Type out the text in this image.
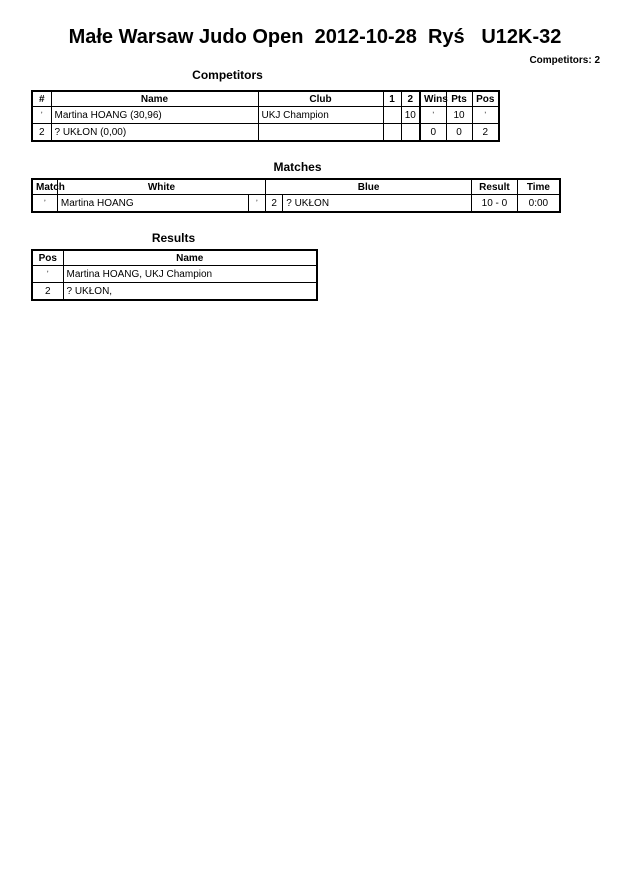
Małe Warsaw Judo Open  2012-10-28  Ryś   U12K-32
Competitors: 2
Competitors
#	Name	Club	1	2	Wins	Pts	Pos
ʼ	Martina HOANG (30,96)	UKJ Champion		10	ʼ	10	ʼ
2	? UKŁON (0,00)				0	0	2
Matches
Match	White		Blue		Result	Time
ʼ	Martina HOANG	ʼ	2	? UKŁON	10 - 0	0:00
Results
Pos	Name
ʼ	Martina HOANG, UKJ Champion
2	? UKŁON,
